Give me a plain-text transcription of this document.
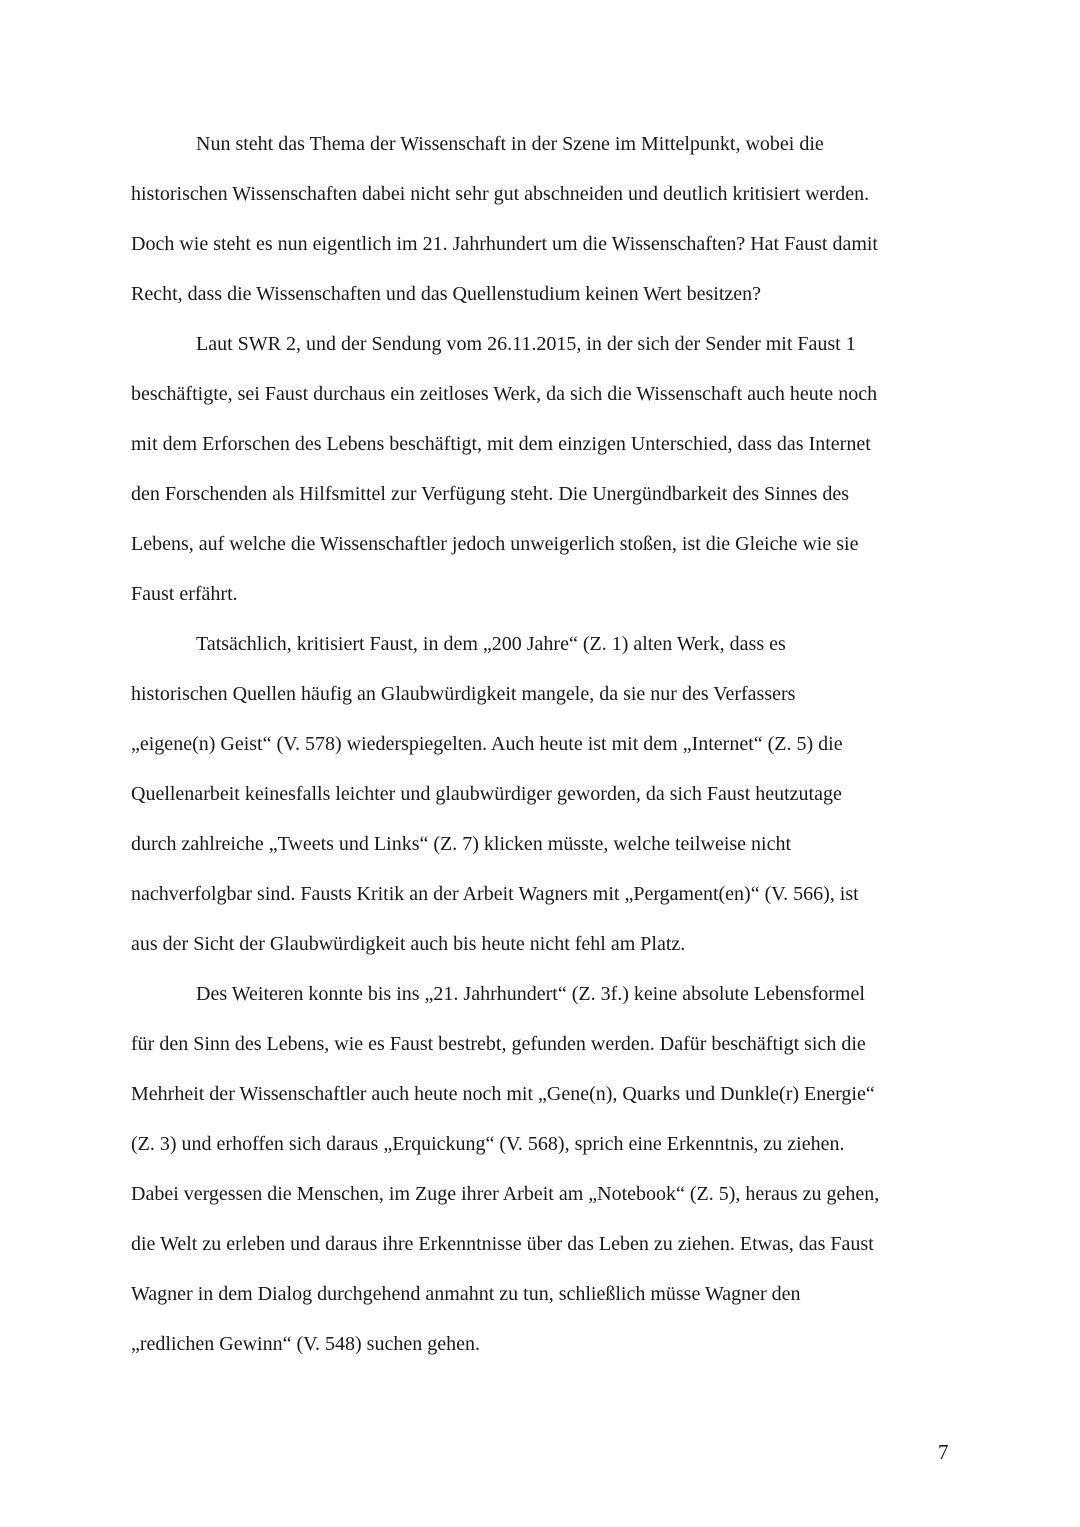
Nun steht das Thema der Wissenschaft in der Szene im Mittelpunkt, wobei die
historischen Wissenschaften dabei nicht sehr gut abschneiden und deutlich kritisiert werden.
Doch wie steht es nun eigentlich im 21. Jahrhundert um die Wissenschaften? Hat Faust damit
Recht, dass die Wissenschaften und das Quellenstudium keinen Wert besitzen?
Laut SWR 2, und der Sendung vom 26.11.2015, in der sich der Sender mit Faust 1
beschäftigte, sei Faust durchaus ein zeitloses Werk, da sich die Wissenschaft auch heute noch
mit dem Erforschen des Lebens beschäftigt, mit dem einzigen Unterschied, dass das Internet
den Forschenden als Hilfsmittel zur Verfügung steht. Die Unergündbarkeit des Sinnes des
Lebens, auf welche die Wissenschaftler jedoch unweigerlich stoßen, ist die Gleiche wie sie
Faust erfährt.
Tatsächlich, kritisiert Faust, in dem „200 Jahre“ (Z. 1) alten Werk, dass es
historischen Quellen häufig an Glaubwürdigkeit mangele, da sie nur des Verfassers
„eigene(n) Geist“ (V. 578) wiederspiegelten. Auch heute ist mit dem „Internet“ (Z. 5) die
Quellenarbeit keinesfalls leichter und glaubwürdiger geworden, da sich Faust heutzutage
durch zahlreiche „Tweets und Links“ (Z. 7) klicken müsste, welche teilweise nicht
nachverfolgbar sind. Fausts Kritik an der Arbeit Wagners mit „Pergament(en)“ (V. 566), ist
aus der Sicht der Glaubwürdigkeit auch bis heute nicht fehl am Platz.
Des Weiteren konnte bis ins „21. Jahrhundert“ (Z. 3f.) keine absolute Lebensformel
für den Sinn des Lebens, wie es Faust bestrebt, gefunden werden. Dafür beschäftigt sich die
Mehrheit der Wissenschaftler auch heute noch mit „Gene(n), Quarks und Dunkle(r) Energie“
(Z. 3) und erhoffen sich daraus „Erquickung“ (V. 568), sprich eine Erkenntnis, zu ziehen.
Dabei vergessen die Menschen, im Zuge ihrer Arbeit am „Notebook“ (Z. 5), heraus zu gehen,
die Welt zu erleben und daraus ihre Erkenntnisse über das Leben zu ziehen. Etwas, das Faust
Wagner in dem Dialog durchgehend anmahnt zu tun, schließlich müsse Wagner den
„redlichen Gewinn“ (V. 548) suchen gehen.
7
